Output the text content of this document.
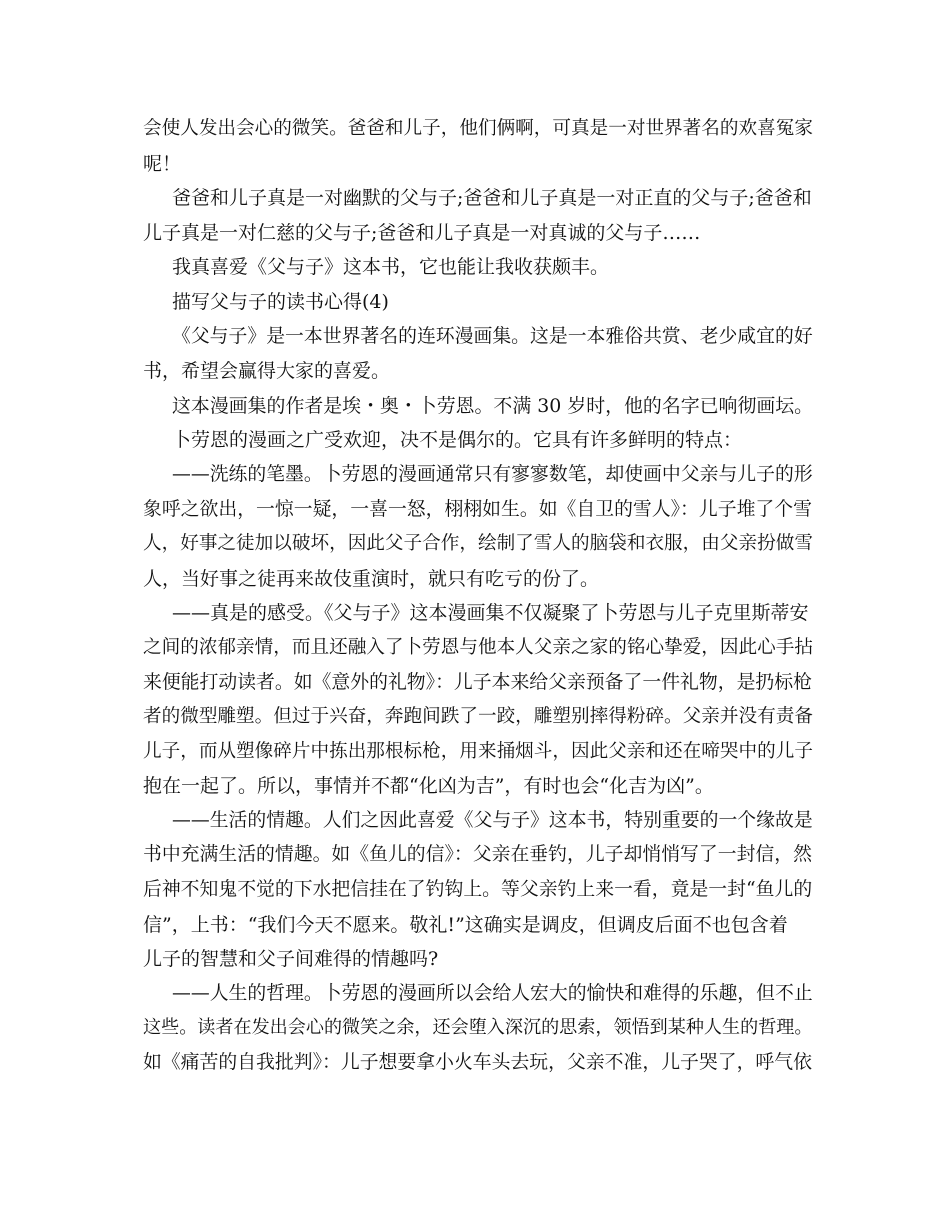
会使人发出会心的微笑。爸爸和儿子，他们俩啊，可真是一对世界著名的欢喜冤家
呢！
爸爸和儿子真是一对幽默的父与子;爸爸和儿子真是一对正直的父与子;爸爸和
儿子真是一对仁慈的父与子;爸爸和儿子真是一对真诚的父与子……
我真喜爱《父与子》这本书，它也能让我收获颇丰。
描写父与子的读书心得(4)
《父与子》是一本世界著名的连环漫画集。这是一本雅俗共赏、老少咸宜的好
书，希望会赢得大家的喜爱。
这本漫画集的作者是埃・奥・卜劳恩。不满 30 岁时，他的名字已响彻画坛。
卜劳恩的漫画之广受欢迎，决不是偶尔的。它具有许多鲜明的特点：
——洗练的笔墨。卜劳恩的漫画通常只有寥寥数笔，却使画中父亲与儿子的形
象呼之欲出，一惊一疑，一喜一怒，栩栩如生。如《自卫的雪人》：儿子堆了个雪
人，好事之徒加以破坏，因此父子合作，绘制了雪人的脑袋和衣服，由父亲扮做雪
人，当好事之徒再来故伎重演时，就只有吃亏的份了。
——真是的感受。《父与子》这本漫画集不仅凝聚了卜劳恩与儿子克里斯蒂安
之间的浓郁亲情，而且还融入了卜劳恩与他本人父亲之家的铭心挚爱，因此心手拈
来便能打动读者。如《意外的礼物》：儿子本来给父亲预备了一件礼物，是扔标枪
者的微型雕塑。但过于兴奋，奔跑间跌了一跤，雕塑别摔得粉碎。父亲并没有责备
儿子，而从塑像碎片中拣出那根标枪，用来捅烟斗，因此父亲和还在啼哭中的儿子
抱在一起了。所以，事情并不都“化凶为吉”，有时也会“化吉为凶”。
——生活的情趣。人们之因此喜爱《父与子》这本书，特别重要的一个缘故是
书中充满生活的情趣。如《鱼儿的信》：父亲在垂钓，儿子却悄悄写了一封信，然
后神不知鬼不觉的下水把信挂在了钓钩上。等父亲钓上来一看，竟是一封“鱼儿的
信”，上书：“我们今天不愿来。敬礼!”这确实是调皮，但调皮后面不也包含着
儿子的智慧和父子间难得的情趣吗?
——人生的哲理。卜劳恩的漫画所以会给人宏大的愉快和难得的乐趣，但不止
这些。读者在发出会心的微笑之余，还会堕入深沉的思索，领悟到某种人生的哲理。
如《痛苦的自我批判》：儿子想要拿小火车头去玩，父亲不准，儿子哭了，呼气依
